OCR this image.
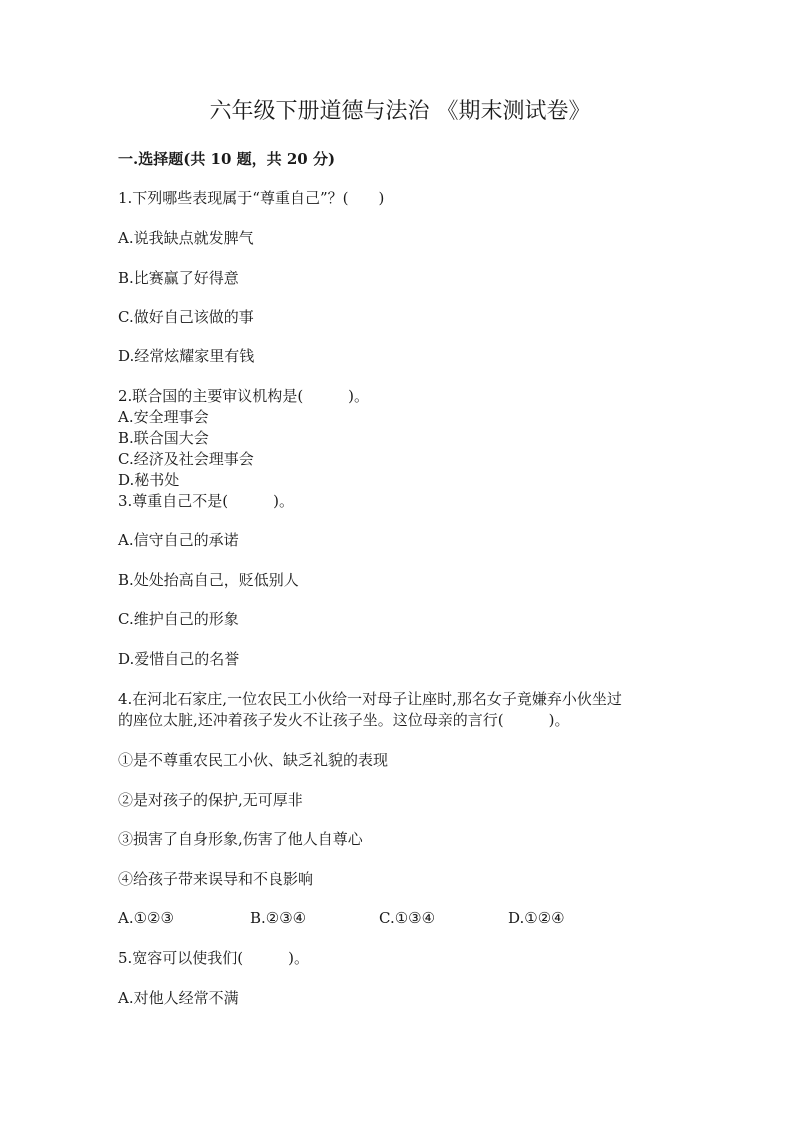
六年级下册道德与法治 《期末测试卷》
一.选择题(共 10 题，共 20 分)
1.下列哪些表现属于“尊重自己”？(　　)
A.说我缺点就发脾气
B.比赛赢了好得意
C.做好自己该做的事
D.经常炫耀家里有钱
2.联合国的主要审议机构是(　　　)。
A.安全理事会
B.联合国大会
C.经济及社会理事会
D.秘书处
3.尊重自己不是(　　　)。
A.信守自己的承诺
B.处处抬高自己，贬低别人
C.维护自己的形象
D.爱惜自己的名誉
4.在河北石家庄,一位农民工小伙给一对母子让座时,那名女子竟嫌弃小伙坐过
的座位太脏,还冲着孩子发火不让孩子坐。这位母亲的言行(　　　)。
①是不尊重农民工小伙、缺乏礼貌的表现
②是对孩子的保护,无可厚非
③损害了自身形象,伤害了他人自尊心
④给孩子带来误导和不良影响
A.①②③	B.②③④	C.①③④	D.①②④
5.宽容可以使我们(　　　)。
A.对他人经常不满
